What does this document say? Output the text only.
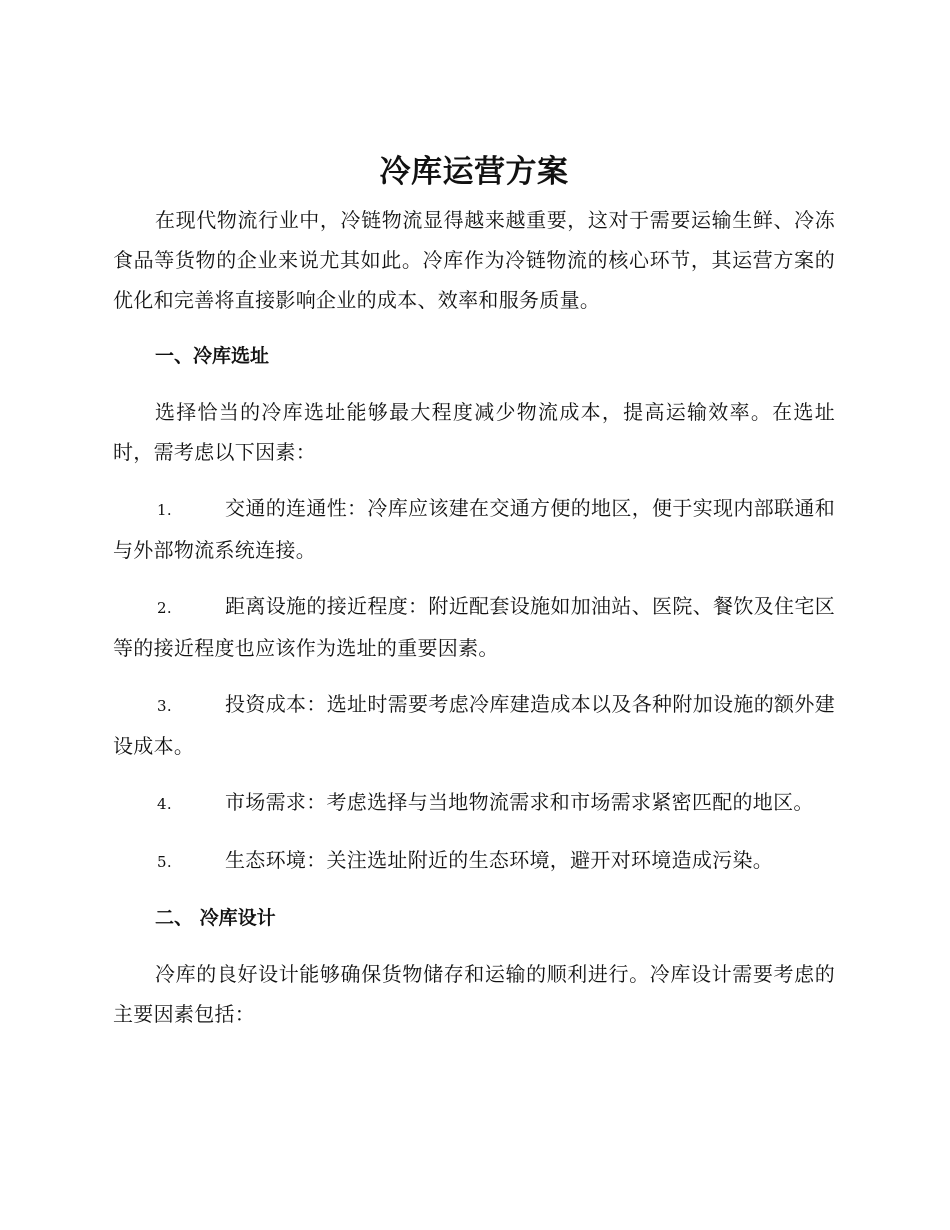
冷库运营方案

在现代物流行业中，冷链物流显得越来越重要，这对于需要运输生鲜、冷冻食品等货物的企业来说尤其如此。冷库作为冷链物流的核心环节，其运营方案的优化和完善将直接影响企业的成本、效率和服务质量。

一、冷库选址

选择恰当的冷库选址能够最大程度减少物流成本，提高运输效率。在选址时，需考虑以下因素：

1.	交通的连通性：冷库应该建在交通方便的地区，便于实现内部联通和与外部物流系统连接。

2.	距离设施的接近程度：附近配套设施如加油站、医院、餐饮及住宅区等的接近程度也应该作为选址的重要因素。

3.	投资成本：选址时需要考虑冷库建造成本以及各种附加设施的额外建设成本。

4.	市场需求：考虑选择与当地物流需求和市场需求紧密匹配的地区。

5.	生态环境：关注选址附近的生态环境，避开对环境造成污染。

二、 冷库设计

冷库的良好设计能够确保货物储存和运输的顺利进行。冷库设计需要考虑的主要因素包括：
